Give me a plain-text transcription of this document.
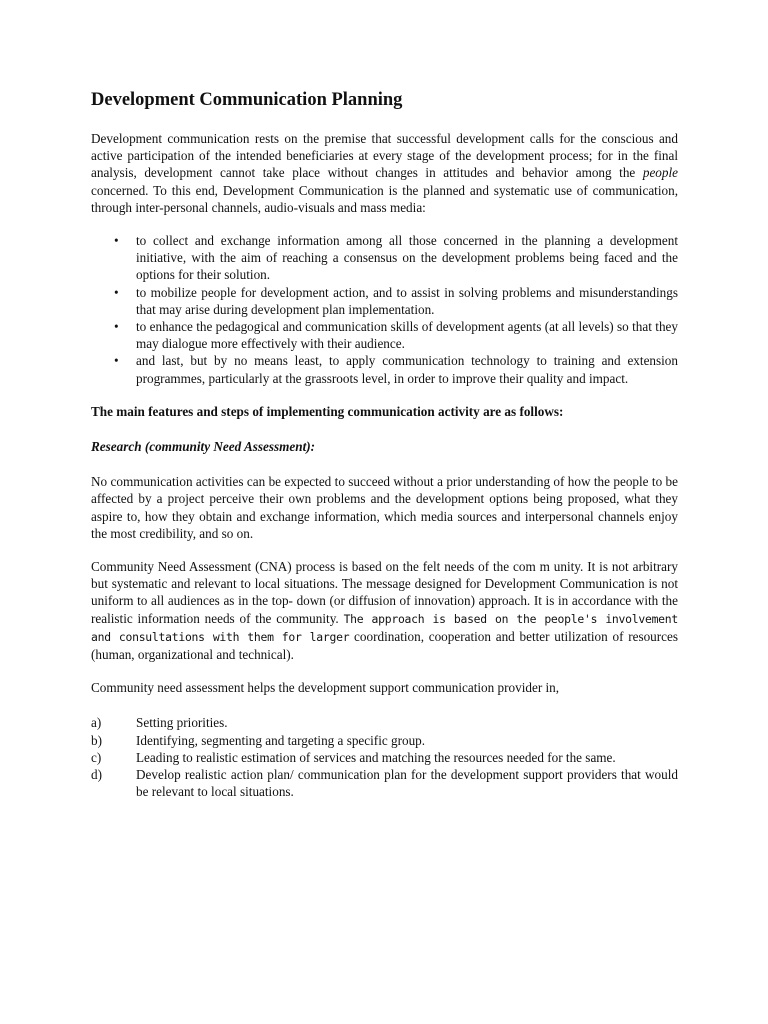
Development Communication Planning

Development communication rests on the premise that successful development calls for the conscious and active participation of the intended beneficiaries at every stage of the development process; for in the final analysis, development cannot take place without changes in attitudes and behavior among the people concerned. To this end, Development Communication is the planned and systematic use of communication, through inter-personal channels, audio-visuals and mass media:

• to collect and exchange information among all those concerned in the planning a development initiative, with the aim of reaching a consensus on the development problems being faced and the options for their solution.
• to mobilize people for development action, and to assist in solving problems and misunderstandings that may arise during development plan implementation.
• to enhance the pedagogical and communication skills of development agents (at all levels) so that they may dialogue more effectively with their audience.
• and last, but by no means least, to apply communication technology to training and extension programmes, particularly at the grassroots level, in order to improve their quality and impact.

The main features and steps of implementing communication activity are as follows:

Research (community Need Assessment):

No communication activities can be expected to succeed without a prior understanding of how the people to be affected by a project perceive their own problems and the development options being proposed, what they aspire to, how they obtain and exchange information, which media sources and interpersonal channels enjoy the most credibility, and so on.

Community Need Assessment (CNA) process is based on the felt needs of the com m unity. It is not arbitrary but systematic and relevant to local situations. The message designed for Development Communication is not uniform to all audiences as in the top- down (or diffusion of innovation) approach. It is in accordance with the realistic information needs of the community. The approach is based on the people's involvement and consultations with them for larger coordination, cooperation and better utilization of resources (human, organizational and technical).

Community need assessment helps the development support communication provider in,

a)	Setting priorities.
b)	Identifying, segmenting and targeting a specific group.
c)	Leading to realistic estimation of services and matching the resources needed for the same.
d)	Develop realistic action plan/ communication plan for the development support providers that would be relevant to local situations.
